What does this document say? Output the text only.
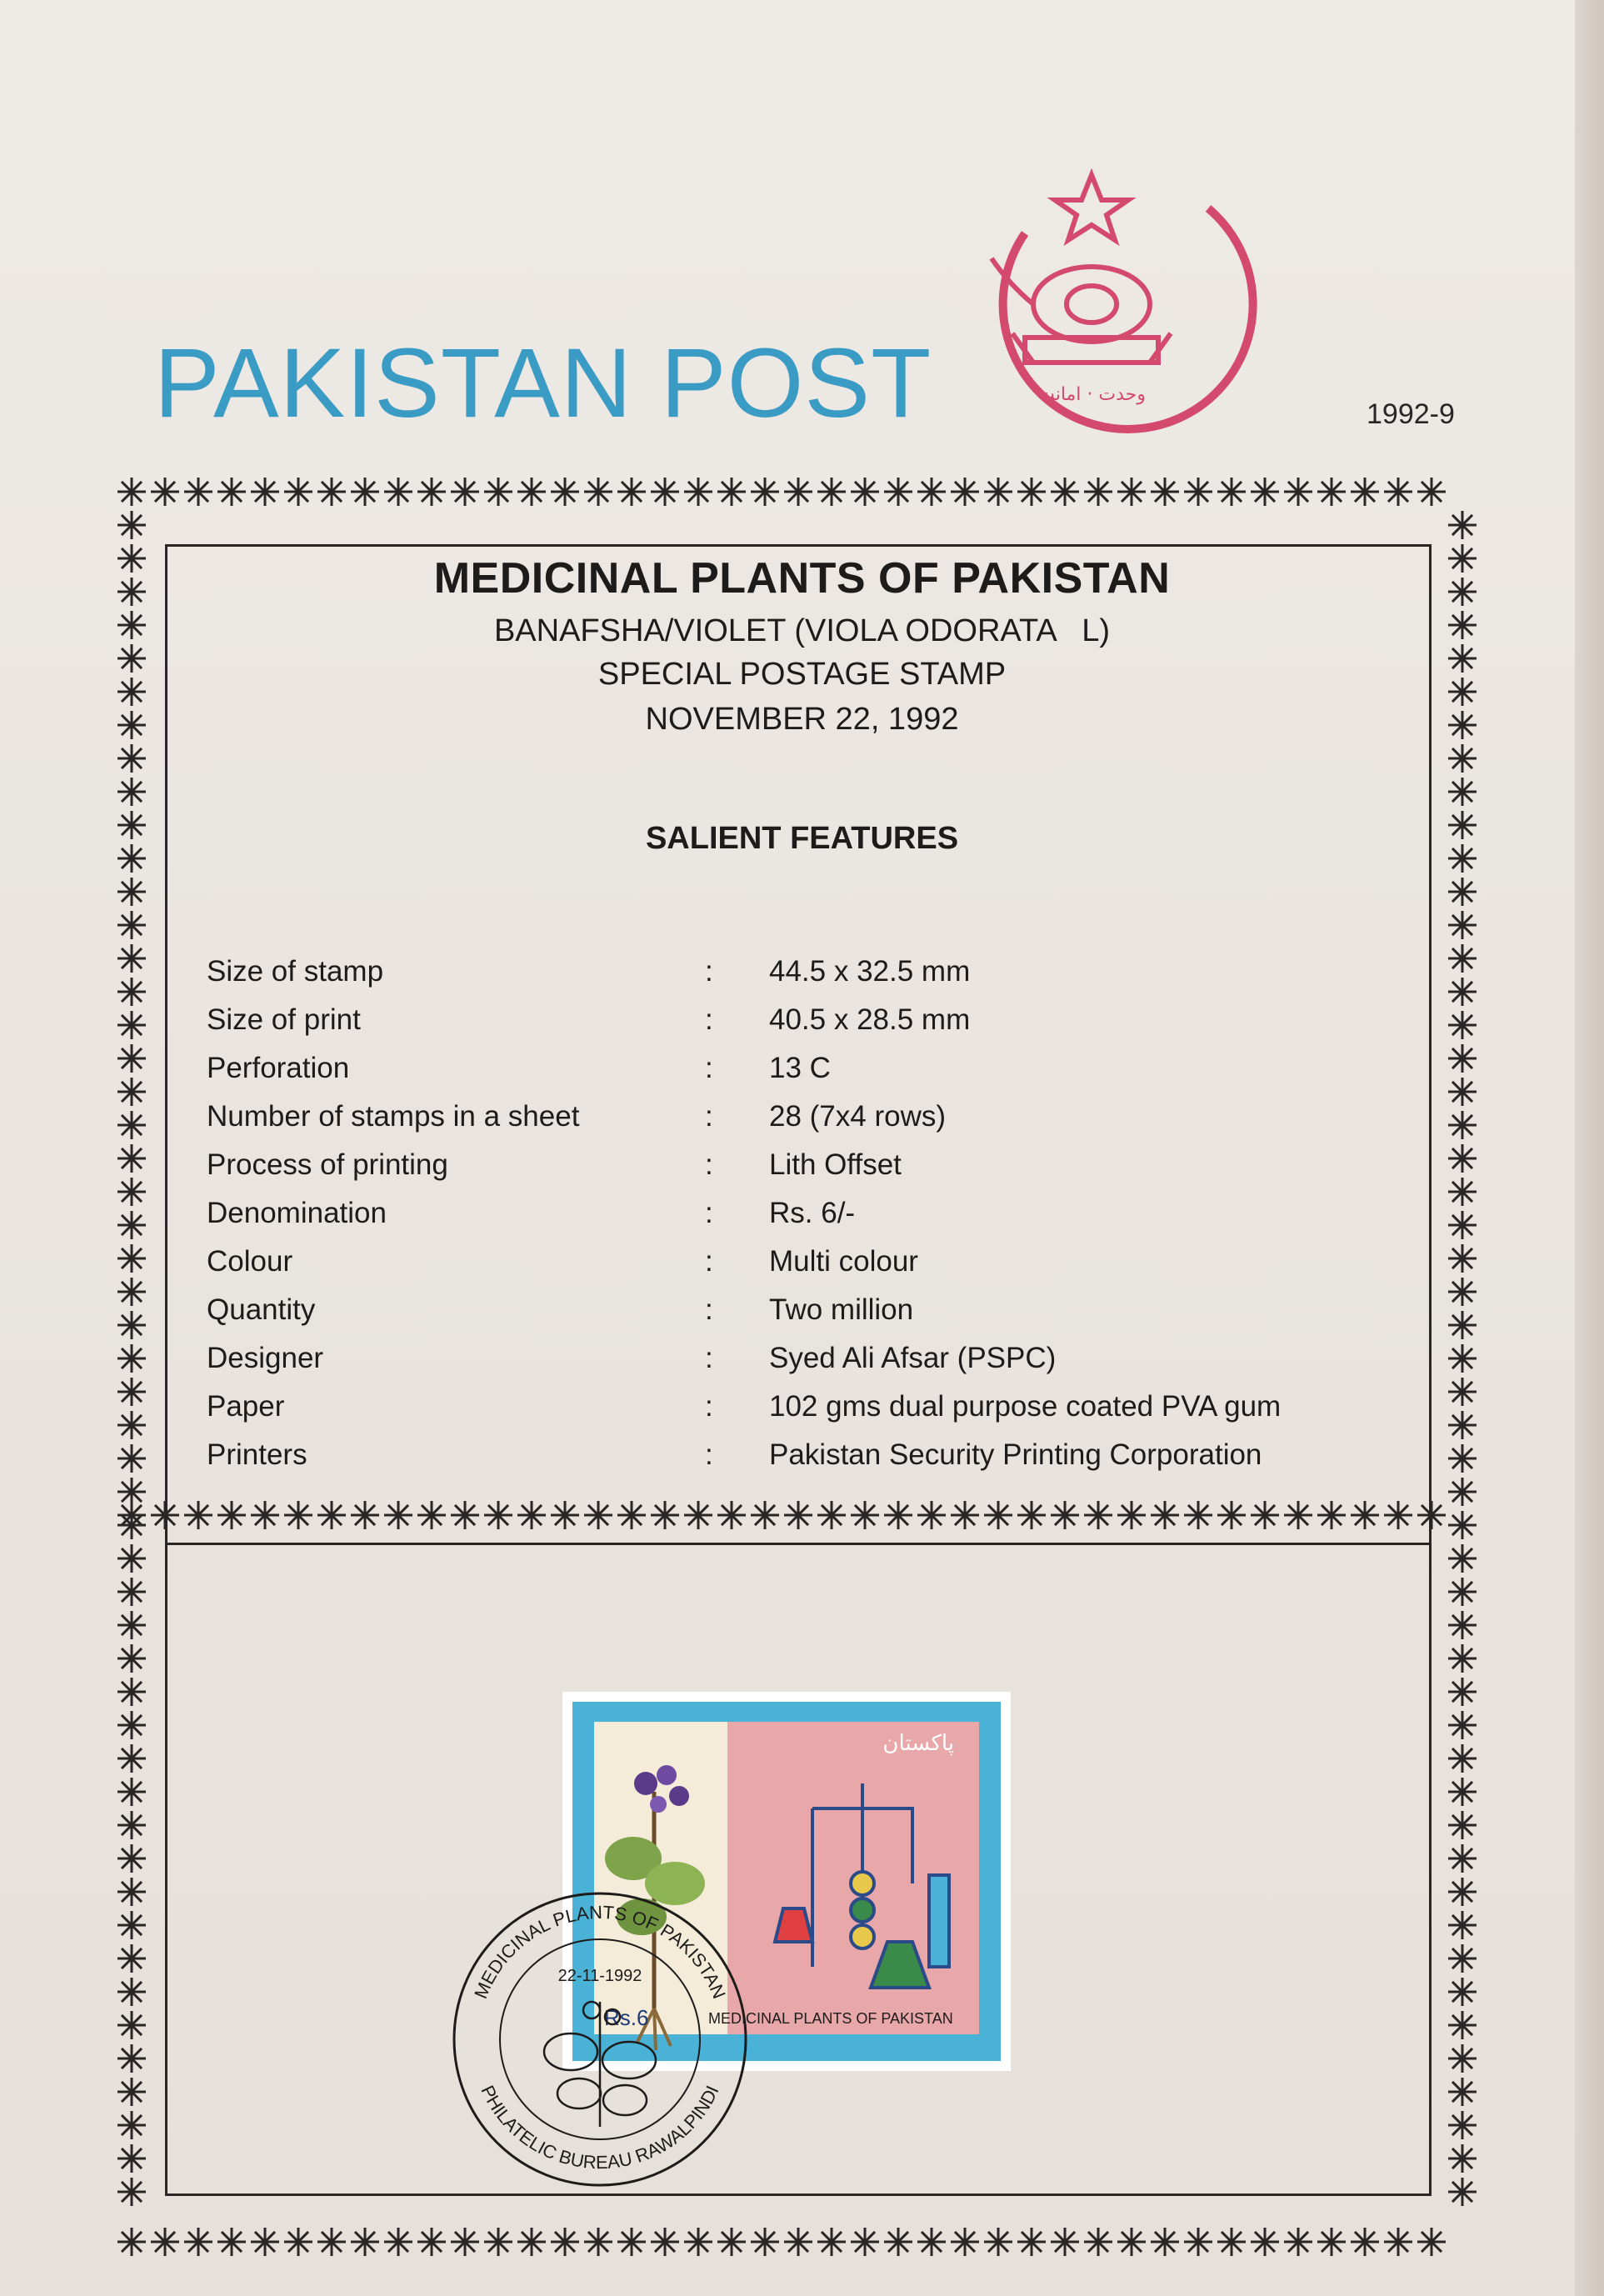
PAKISTAN POST	1992-9
ﻭﺣﺪﺕ · ﺍﻣﺎﻧﺖ
MEDICINAL PLANTS OF PAKISTAN
BANAFSHA/VIOLET (VIOLA ODORATA   L)
SPECIAL POSTAGE STAMP
NOVEMBER 22, 1992
SALIENT FEATURES
Size of stamp	: 44.5 x 32.5 mm
Size of print	: 40.5 x 28.5 mm
Perforation	: 13 C
Number of stamps in a sheet	: 28 (7x4 rows)
Process of printing	: Lith Offset
Denomination	: Rs. 6/-
Colour	: Multi colour
Quantity	: Two million
Designer	: Syed Ali Afsar (PSPC)
Paper	: 102 gms dual purpose coated PVA gum
Printers	: Pakistan Security Printing Corporation
پاکستان
Rs.6	MEDICINAL PLANTS OF PAKISTAN
MEDICINAL PLANTS OF PAKISTAN
PHILATELIC BUREAU RAWALPINDI
22-11-1992
